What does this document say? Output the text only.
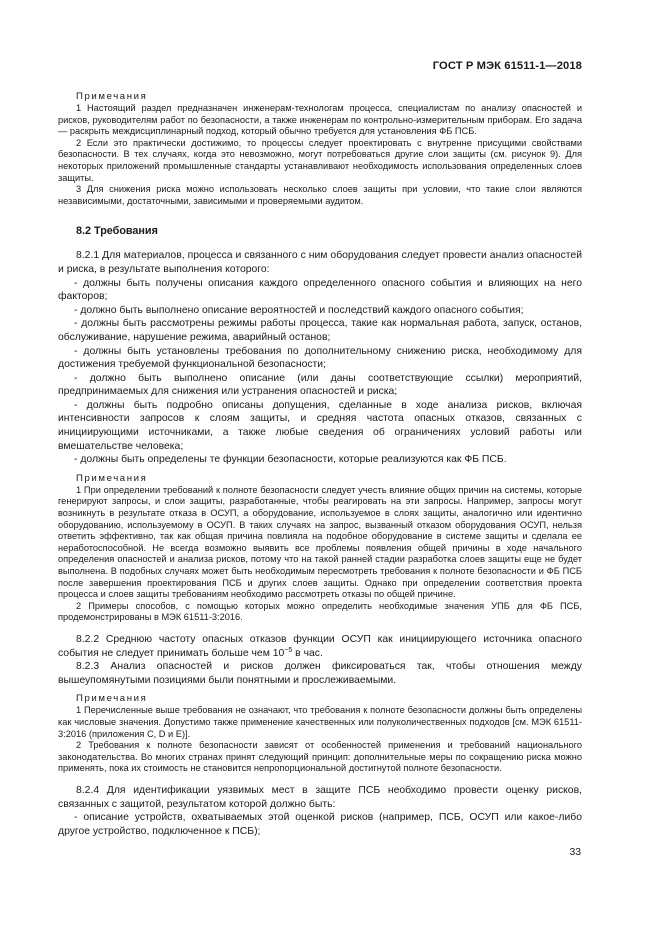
ГОСТ Р МЭК 61511-1—2018

Примечания

1 Настоящий раздел предназначен инженерам-технологам процесса, специалистам по анализу опасностей и рисков, руководителям работ по безопасности, а также инженерам по контрольно-измерительным приборам. Его задача — раскрыть междисциплинарный подход, который обычно требуется для установления ФБ ПСБ.

2 Если это практически достижимо, то процессы следует проектировать с внутренне присущими свойствами безопасности. В тех случаях, когда это невозможно, могут потребоваться другие слои защиты (см. рисунок 9). Для некоторых приложений промышленные стандарты устанавливают необходимость использования определенных слоев защиты.

3 Для снижения риска можно использовать несколько слоев защиты при условии, что такие слои являются независимыми, достаточными, зависимыми и проверяемыми аудитом.

8.2 Требования

8.2.1 Для материалов, процесса и связанного с ним оборудования следует провести анализ опасностей и риска, в результате выполнения которого:

- должны быть получены описания каждого определенного опасного события и влияющих на него факторов;

- должно быть выполнено описание вероятностей и последствий каждого опасного события;

- должны быть рассмотрены режимы работы процесса, такие как нормальная работа, запуск, останов, обслуживание, нарушение режима, аварийный останов;

- должны быть установлены требования по дополнительному снижению риска, необходимому для достижения требуемой функциональной безопасности;

- должно быть выполнено описание (или даны соответствующие ссылки) мероприятий, предпринимаемых для снижения или устранения опасностей и риска;

- должны быть подробно описаны допущения, сделанные в ходе анализа рисков, включая интенсивности запросов к слоям защиты, и средняя частота опасных отказов, связанных с инициирующими источниками, а также любые сведения об ограничениях условий работы или вмешательстве человека;

- должны быть определены те функции безопасности, которые реализуются как ФБ ПСБ.

Примечания

1 При определении требований к полноте безопасности следует учесть влияние общих причин на системы, которые генерируют запросы, и слои защиты, разработанные, чтобы реагировать на эти запросы. Например, запросы могут возникнуть в результате отказа в ОСУП, а оборудование, используемое в слоях защиты, аналогично или идентично оборудованию, используемому в ОСУП. В таких случаях на запрос, вызванный отказом оборудования ОСУП, нельзя ответить эффективно, так как общая причина повлияла на подобное оборудование в системе защиты и сделала ее неработоспособной. Не всегда возможно выявить все проблемы появления общей причины в ходе начального определения опасностей и анализа рисков, потому что на такой ранней стадии разработка слоев защиты еще не будет выполнена. В подобных случаях может быть необходимым пересмотреть требования к полноте безопасности и ФБ ПСБ после завершения проектирования ПСБ и других слоев защиты. Однако при определении соответствия проекта процесса и слоев защиты требованиям необходимо рассмотреть отказы по общей причине.

2 Примеры способов, с помощью которых можно определить необходимые значения УПБ для ФБ ПСБ, продемонстрированы в МЭК 61511-3:2016.

8.2.2 Среднюю частоту опасных отказов функции ОСУП как инициирующего источника опасного события не следует принимать больше чем $10^{-5}$ в час.

8.2.3 Анализ опасностей и рисков должен фиксироваться так, чтобы отношения между вышеупомянутыми позициями были понятными и прослеживаемыми.

Примечания

1 Перечисленные выше требования не означают, что требования к полноте безопасности должны быть определены как числовые значения. Допустимо также применение качественных или полуколичественных подходов [см. МЭК 61511-3:2016 (приложения С, D и E)].

2 Требования к полноте безопасности зависят от особенностей применения и требований национального законодательства. Во многих странах принят следующий принцип: дополнительные меры по сокращению риска можно применять, пока их стоимость не становится непропорциональной достигнутой полноте безопасности.

8.2.4 Для идентификации уязвимых мест в защите ПСБ необходимо провести оценку рисков, связанных с защитой, результатом которой должно быть:

- описание устройств, охватываемых этой оценкой рисков (например, ПСБ, ОСУП или какое-либо другое устройство, подключенное к ПСБ);

33
